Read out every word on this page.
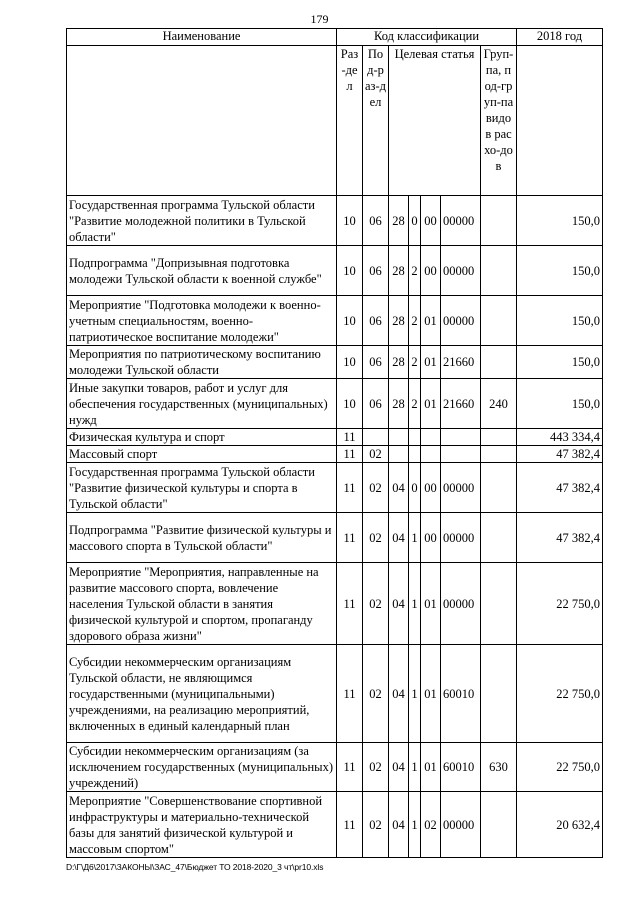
179
Наименование	Код классификации							2018 год
	Раз-дел	Под-раз-дел	Целевая статья				Груп-па, под-груп-па видов расхо-дов	
Государственная программа Тульской области "Развитие молодежной политики в Тульской области"	10	06	28	0	00	00000		150,0
Подпрограмма "Допризывная подготовка молодежи Тульской области к военной службе"	10	06	28	2	00	00000		150,0
Мероприятие "Подготовка молодежи к военно-учетным специальностям, военно-патриотическое воспитание молодежи"	10	06	28	2	01	00000		150,0
Мероприятия по патриотическому воспитанию молодежи Тульской области	10	06	28	2	01	21660		150,0
Иные закупки товаров, работ и услуг для обеспечения государственных (муниципальных) нужд	10	06	28	2	01	21660	240	150,0
Физическая культура и спорт	11							443 334,4
Массовый спорт	11	02						47 382,4
Государственная программа Тульской области "Развитие физической культуры и спорта в Тульской области"	11	02	04	0	00	00000		47 382,4
Подпрограмма "Развитие физической культуры и массового спорта в Тульской области"	11	02	04	1	00	00000		47 382,4
Мероприятие "Мероприятия, направленные на развитие массового спорта, вовлечение населения Тульской области в занятия физической культурой и спортом, пропаганду здорового образа жизни"	11	02	04	1	01	00000		22 750,0
Субсидии некоммерческим организациям Тульской области, не являющимся государственными (муниципальными) учреждениями, на реализацию мероприятий, включенных в единый календарный план	11	02	04	1	01	60010		22 750,0
Субсидии некоммерческим организациям (за исключением государственных (муниципальных) учреждений)	11	02	04	1	01	60010	630	22 750,0
Мероприятие "Совершенствование спортивной инфраструктуры и материально-технической базы для занятий физической культурой и массовым спортом"	11	02	04	1	02	00000		20 632,4
D:\Г\Д6\2017\ЗАКОНЫ\ЗАС_47\Бюджет ТО 2018-2020_3 чт\pr10.xls
